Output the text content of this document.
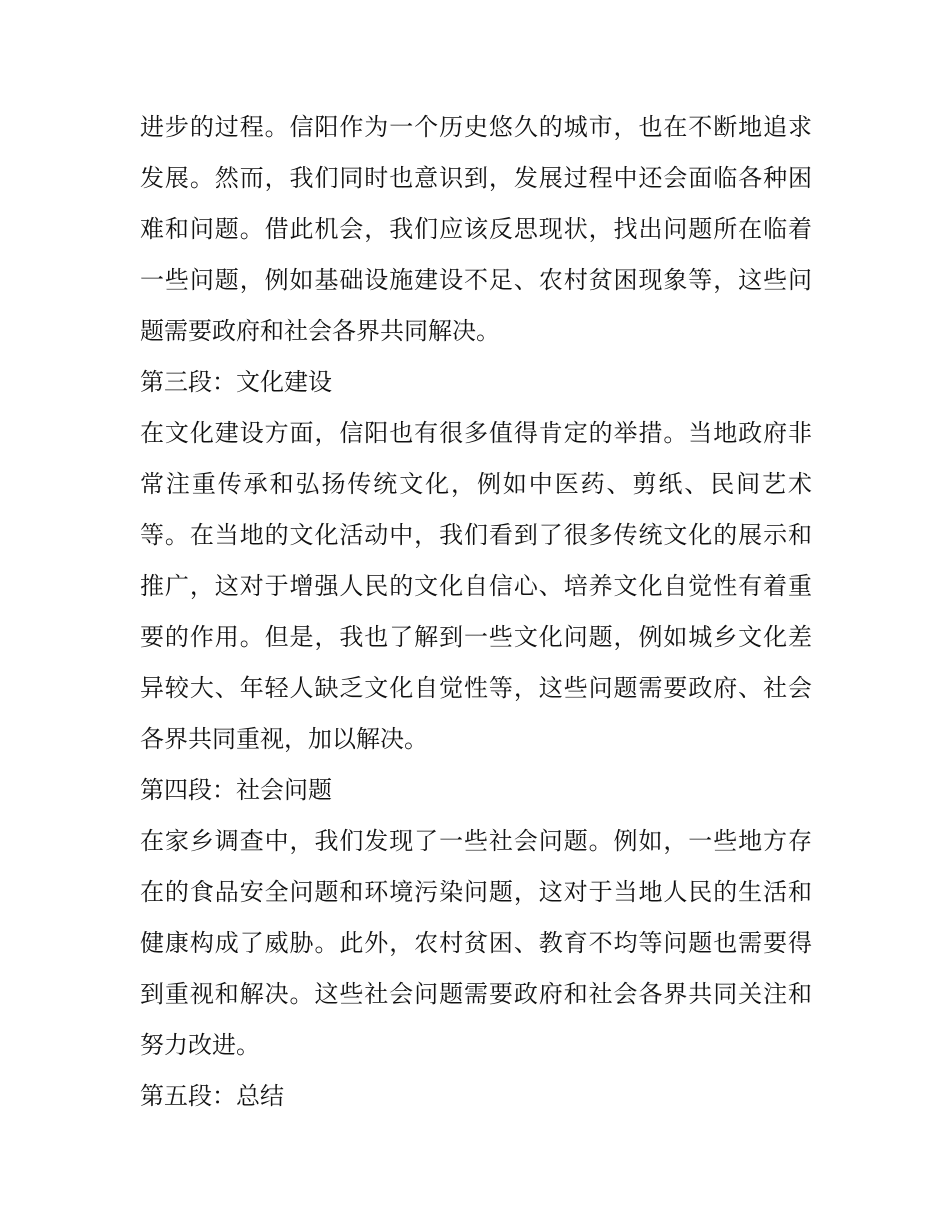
进步的过程。信阳作为一个历史悠久的城市，也在不断地追求
发展。然而，我们同时也意识到，发展过程中还会面临各种困
难和问题。借此机会，我们应该反思现状，找出问题所在临着
一些问题，例如基础设施建设不足、农村贫困现象等，这些问
题需要政府和社会各界共同解决。
第三段：文化建设
在文化建设方面，信阳也有很多值得肯定的举措。当地政府非
常注重传承和弘扬传统文化，例如中医药、剪纸、民间艺术
等。在当地的文化活动中，我们看到了很多传统文化的展示和
推广，这对于增强人民的文化自信心、培养文化自觉性有着重
要的作用。但是，我也了解到一些文化问题，例如城乡文化差
异较大、年轻人缺乏文化自觉性等，这些问题需要政府、社会
各界共同重视，加以解决。
第四段：社会问题
在家乡调查中，我们发现了一些社会问题。例如，一些地方存
在的食品安全问题和环境污染问题，这对于当地人民的生活和
健康构成了威胁。此外，农村贫困、教育不均等问题也需要得
到重视和解决。这些社会问题需要政府和社会各界共同关注和
努力改进。
第五段：总结
